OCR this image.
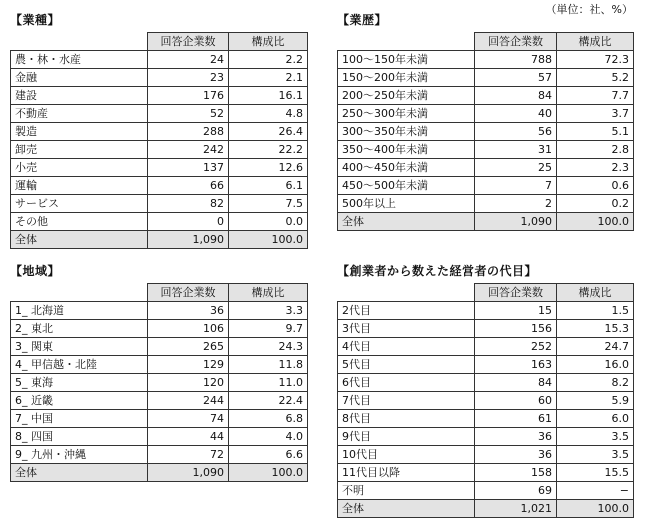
（単位：社、%）
【業種】
	回答企業数	構成比
農・林・水産	24	2.2
金融	23	2.1
建設	176	16.1
不動産	52	4.8
製造	288	26.4
卸売	242	22.2
小売	137	12.6
運輸	66	6.1
サービス	82	7.5
その他	0	0.0
全体	1,090	100.0
【業歴】
	回答企業数	構成比
100〜150年未満	788	72.3
150〜200年未満	57	5.2
200〜250年未満	84	7.7
250〜300年未満	40	3.7
300〜350年未満	56	5.1
350〜400年未満	31	2.8
400〜450年未満	25	2.3
450〜500年未満	7	0.6
500年以上	2	0.2
全体	1,090	100.0
【地域】
	回答企業数	構成比
1_ 北海道	36	3.3
2_ 東北	106	9.7
3_ 関東	265	24.3
4_ 甲信越・北陸	129	11.8
5_ 東海	120	11.0
6_ 近畿	244	22.4
7_ 中国	74	6.8
8_ 四国	44	4.0
9_ 九州・沖縄	72	6.6
全体	1,090	100.0
【創業者から数えた経営者の代目】
	回答企業数	構成比
2代目	15	1.5
3代目	156	15.3
4代目	252	24.7
5代目	163	16.0
6代目	84	8.2
7代目	60	5.9
8代目	61	6.0
9代目	36	3.5
10代目	36	3.5
11代目以降	158	15.5
不明	69	−
全体	1,021	100.0
